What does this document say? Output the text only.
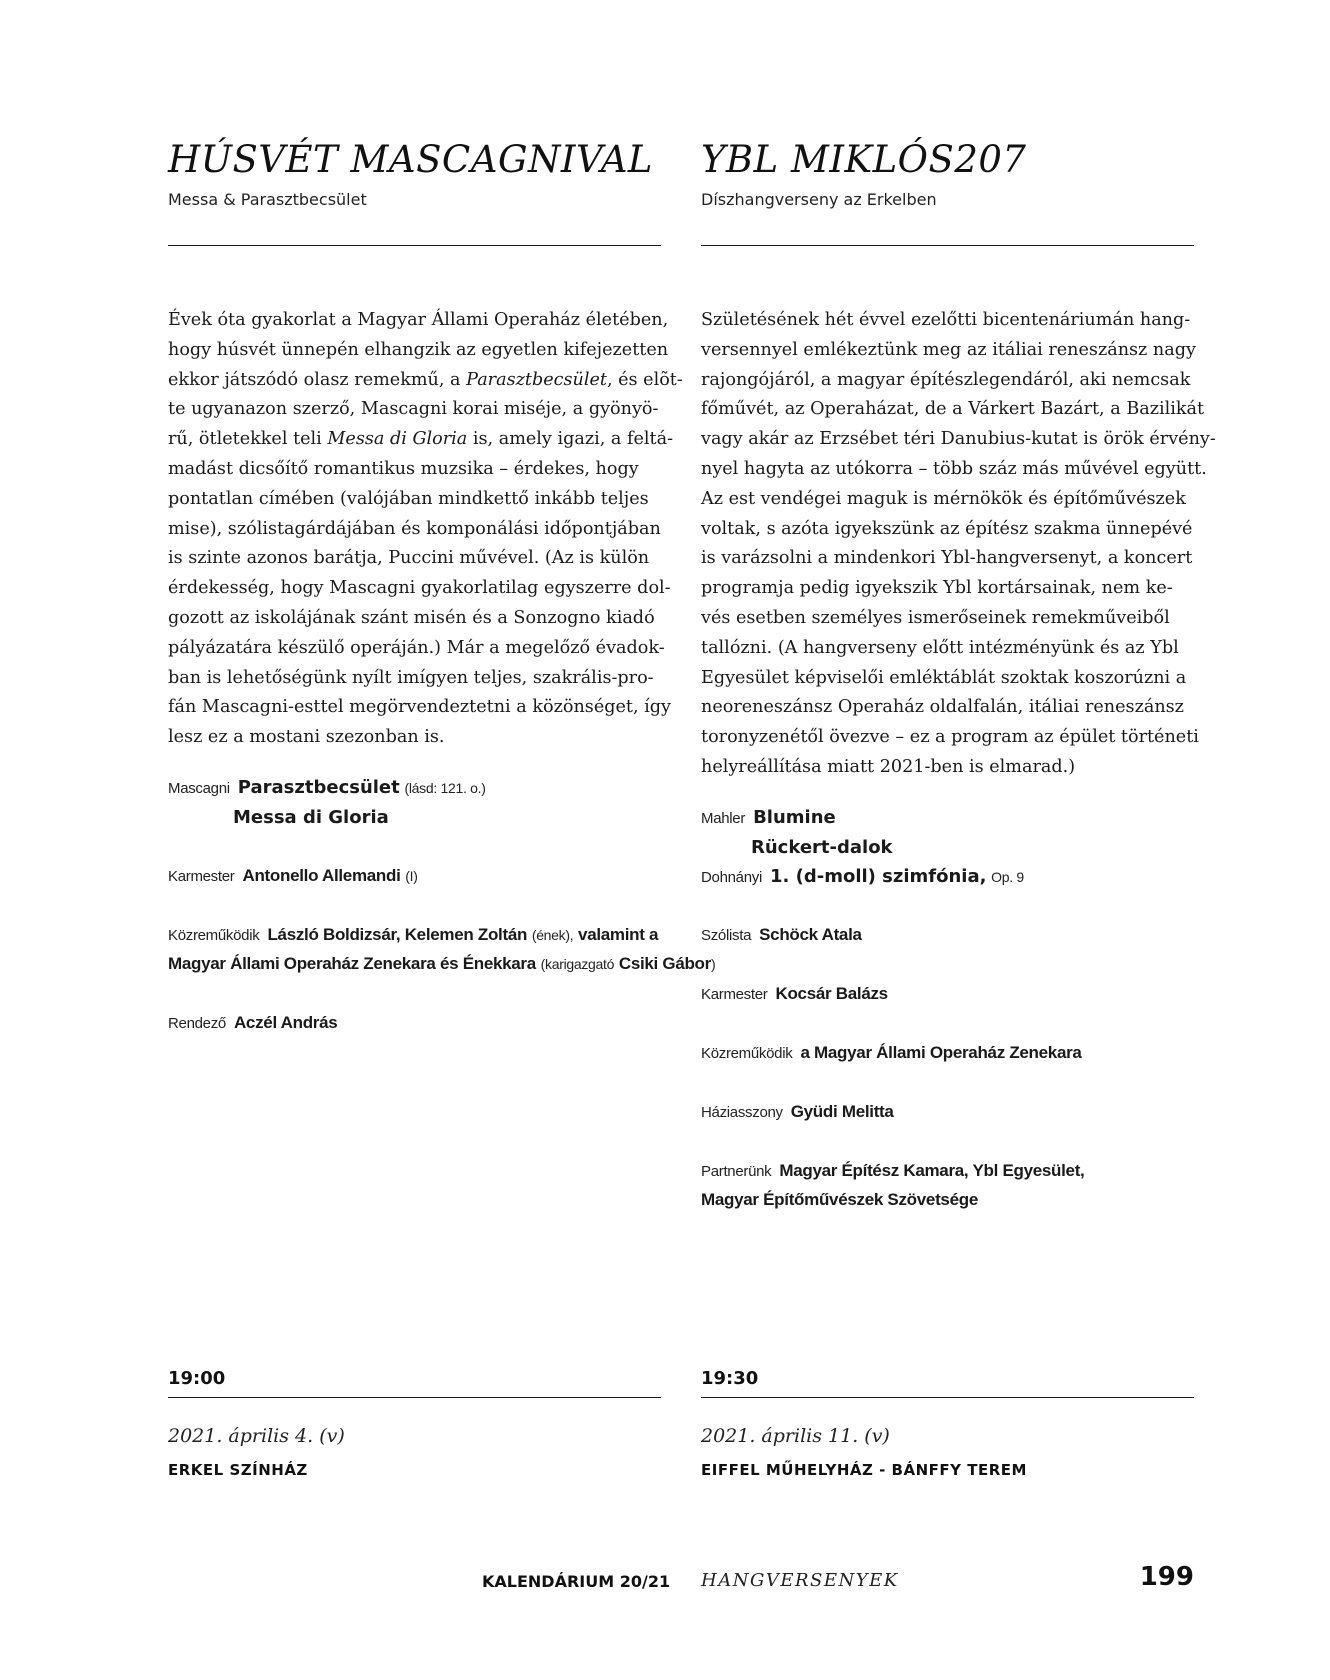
HÚSVÉT MASCAGNIVAL
Messa & Parasztbecsület
Évek óta gyakorlat a Magyar Állami Operaház életében,
hogy húsvét ünnepén elhangzik az egyetlen kifejezetten
ekkor játszódó olasz remekmű, a Parasztbecsület, és elõt-
te ugyanazon szerző, Mascagni korai miséje, a gyönyö-
rű, ötletekkel teli Messa di Gloria is, amely igazi, a feltá-
madást dicsőítő romantikus muzsika – érdekes, hogy
pontatlan címében (valójában mindkettő inkább teljes
mise), szólistagárdájában és komponálási időpontjában
is szinte azonos barátja, Puccini művével. (Az is külön
érdekesség, hogy Mascagni gyakorlatilag egyszerre dol-
gozott az iskolájának szánt misén és a Sonzogno kiadó
pályázatára készülő operáján.) Már a megelőző évadok-
ban is lehetőségünk nyílt imígyen teljes, szakrális-pro-
fán Mascagni-esttel megörvendeztetni a közönséget, így
lesz ez a mostani szezonban is.
Mascagni Parasztbecsület (lásd: 121. o.)
Messa di Gloria
Karmester Antonello Allemandi (I)
Közreműködik László Boldizsár, Kelemen Zoltán (ének), valamint a
Magyar Állami Operaház Zenekara és Énekkara (karigazgató Csiki Gábor)
Rendező Aczél András
19:00
2021. április 4. (v)
ERKEL SZÍNHÁZ
YBL MIKLÓS207
Díszhangverseny az Erkelben
Születésének hét évvel ezelőtti bicentenáriumán hang-
versennyel emlékeztünk meg az itáliai reneszánsz nagy
rajongójáról, a magyar építészlegendáról, aki nemcsak
főművét, az Operaházat, de a Várkert Bazárt, a Bazilikát
vagy akár az Erzsébet téri Danubius-kutat is örök érvény-
nyel hagyta az utókorra – több száz más művével együtt.
Az est vendégei maguk is mérnökök és építőművészek
voltak, s azóta igyekszünk az építész szakma ünnepévé
is varázsolni a mindenkori Ybl-hangversenyt, a koncert
programja pedig igyekszik Ybl kortársainak, nem ke-
vés esetben személyes ismerőseinek remekműveiből
tallózni. (A hangverseny előtt intézményünk és az Ybl
Egyesület képviselői emléktáblát szoktak koszorúzni a
neoreneszánsz Operaház oldalfalán, itáliai reneszánsz
toronyzenétől övezve – ez a program az épület történeti
helyreállítása miatt 2021-ben is elmarad.)
Mahler Blumine
Rückert-dalok
Dohnányi 1. (d-moll) szimfónia, Op. 9
Szólista Schöck Atala
Karmester Kocsár Balázs
Közreműködik a Magyar Állami Operaház Zenekara
Háziasszony Gyüdi Melitta
Partnerünk Magyar Építész Kamara, Ybl Egyesület,
Magyar Építőművészek Szövetsége
19:30
2021. április 11. (v)
EIFFEL MŰHELYHÁZ - BÁNFFY TEREM
KALENDÁRIUM 20/21 HANGVERSENYEK	199
